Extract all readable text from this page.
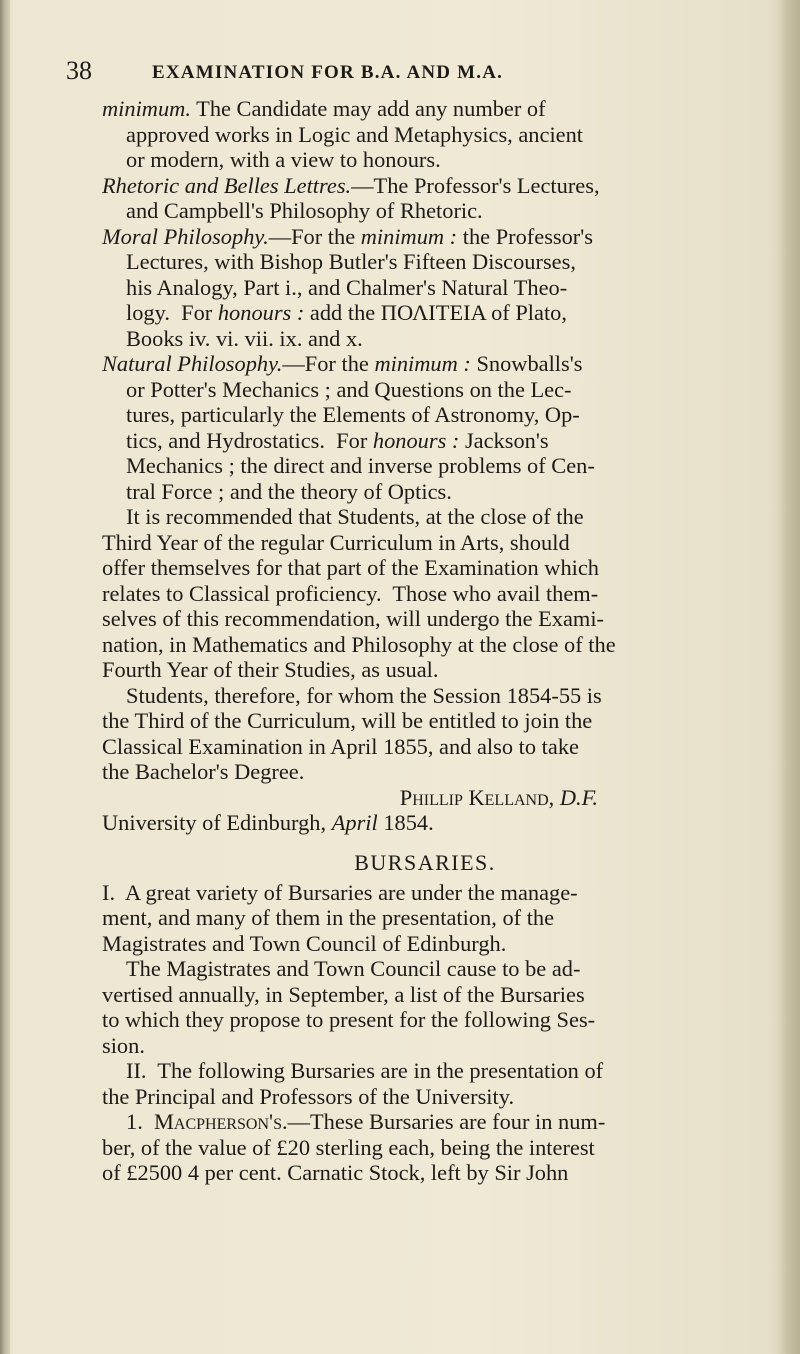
38	EXAMINATION FOR B.A. AND M.A.
minimum. The Candidate may add any number of
approved works in Logic and Metaphysics, ancient
or modern, with a view to honours.
Rhetoric and Belles Lettres.—The Professor's Lectures,
and Campbell's Philosophy of Rhetoric.
Moral Philosophy.—For the minimum : the Professor's
Lectures, with Bishop Butler's Fifteen Discourses,
his Analogy, Part i., and Chalmer's Natural Theo-
logy.  For honours : add the ΠΟΛΙΤΕΙΑ of Plato,
Books iv. vi. vii. ix. and x.
Natural Philosophy.—For the minimum : Snowballs's
or Potter's Mechanics ; and Questions on the Lec-
tures, particularly the Elements of Astronomy, Op-
tics, and Hydrostatics.  For honours : Jackson's
Mechanics ; the direct and inverse problems of Cen-
tral Force ; and the theory of Optics.
It is recommended that Students, at the close of the
Third Year of the regular Curriculum in Arts, should
offer themselves for that part of the Examination which
relates to Classical proficiency.  Those who avail them-
selves of this recommendation, will undergo the Exami-
nation, in Mathematics and Philosophy at the close of the
Fourth Year of their Studies, as usual.
Students, therefore, for whom the Session 1854-55 is
the Third of the Curriculum, will be entitled to join the
Classical Examination in April 1855, and also to take
the Bachelor's Degree.
Phillip Kelland, D.F.
University of Edinburgh, April 1854.
BURSARIES.
I.  A great variety of Bursaries are under the manage-
ment, and many of them in the presentation, of the
Magistrates and Town Council of Edinburgh.
The Magistrates and Town Council cause to be ad-
vertised annually, in September, a list of the Bursaries
to which they propose to present for the following Ses-
sion.
II.  The following Bursaries are in the presentation of
the Principal and Professors of the University.
1.  Macpherson's.—These Bursaries are four in num-
ber, of the value of £20 sterling each, being the interest
of £2500 4 per cent. Carnatic Stock, left by Sir John
